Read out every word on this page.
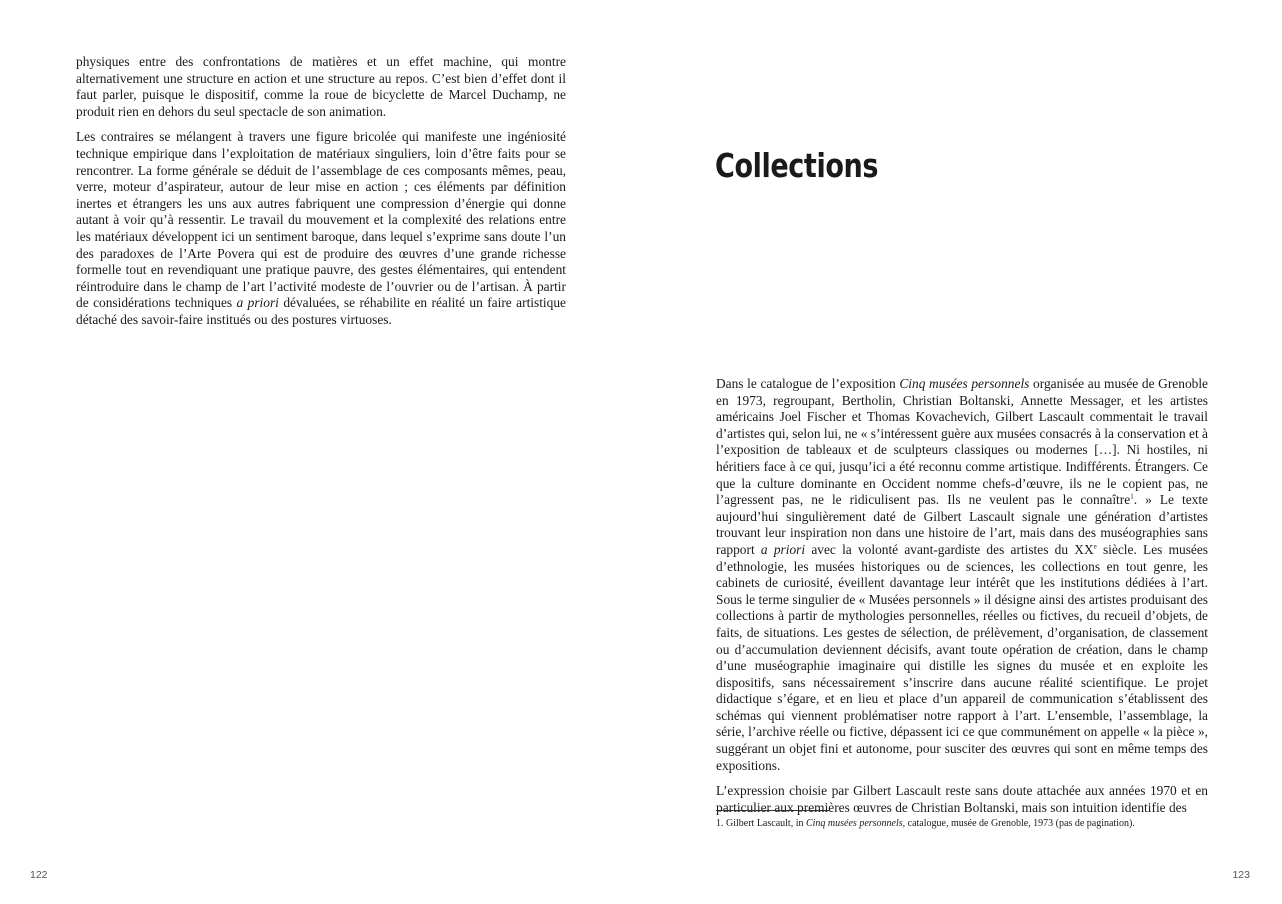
physiques entre des confrontations de matières et un effet machine, qui montre alternativement une structure en action et une structure au repos. C’est bien d’effet dont il faut parler, puisque le dispositif, comme la roue de bicyclette de Marcel Duchamp, ne produit rien en dehors du seul spectacle de son animation.

Les contraires se mélangent à travers une figure bricolée qui manifeste une ingéniosité technique empirique dans l’exploitation de matériaux singuliers, loin d’être faits pour se rencontrer. La forme générale se déduit de l’assemblage de ces composants mêmes, peau, verre, moteur d’aspirateur, autour de leur mise en action ; ces éléments par définition inertes et étrangers les uns aux autres fabriquent une compression d’énergie qui donne autant à voir qu’à ressentir. Le travail du mouvement et la complexité des relations entre les matériaux développent ici un sentiment baroque, dans lequel s’exprime sans doute l’un des paradoxes de l’Arte Povera qui est de produire des œuvres d’une grande richesse formelle tout en revendiquant une pratique pauvre, des gestes élémentaires, qui entendent réintroduire dans le champ de l’art l’activité modeste de l’ouvrier ou de l’artisan. À partir de considérations techniques a priori dévaluées, se réhabilite en réalité un faire artistique détaché des savoir-faire institués ou des postures virtuoses.

122
Collections

Dans le catalogue de l’exposition Cinq musées personnels organisée au musée de Grenoble en 1973, regroupant, Bertholin, Christian Boltanski, Annette Messager, et les artistes américains Joel Fischer et Thomas Kovachevich, Gilbert Lascault commentait le travail d’artistes qui, selon lui, ne « s’intéressent guère aux musées consacrés à la conservation et à l’exposition de tableaux et de sculpteurs classiques ou modernes […]. Ni hostiles, ni héritiers face à ce qui, jusqu’ici a été reconnu comme artistique. Indifférents. Étrangers. Ce que la culture dominante en Occident nomme chefs-d’œuvre, ils ne le copient pas, ne l’agressent pas, ne le ridiculisent pas. Ils ne veulent pas le connaître$^1$. » Le texte aujourd’hui singulièrement daté de Gilbert Lascault signale une génération d’artistes trouvant leur inspiration non dans une histoire de l’art, mais dans des muséographies sans rapport a priori avec la volonté avant-gardiste des artistes du XXe siècle. Les musées d’ethnologie, les musées historiques ou de sciences, les collections en tout genre, les cabinets de curiosité, éveillent davantage leur intérêt que les institutions dédiées à l’art. Sous le terme singulier de « Musées personnels » il désigne ainsi des artistes produisant des collections à partir de mythologies personnelles, réelles ou fictives, du recueil d’objets, de faits, de situations. Les gestes de sélection, de prélèvement, d’organisation, de classement ou d’accumulation deviennent décisifs, avant toute opération de création, dans le champ d’une muséographie imaginaire qui distille les signes du musée et en exploite les dispositifs, sans nécessairement s’inscrire dans aucune réalité scientifique. Le projet didactique s’égare, et en lieu et place d’un appareil de communication s’établissent des schémas qui viennent problématiser notre rapport à l’art. L’ensemble, l’assemblage, la série, l’archive réelle ou fictive, dépassent ici ce que communément on appelle « la pièce », suggérant un objet fini et autonome, pour susciter des œuvres qui sont en même temps des expositions.

L’expression choisie par Gilbert Lascault reste sans doute attachée aux années 1970 et en particulier aux premières œuvres de Christian Boltanski, mais son intuition identifie des

1. Gilbert Lascault, in Cinq musées personnels, catalogue, musée de Grenoble, 1973 (pas de pagination).

123
